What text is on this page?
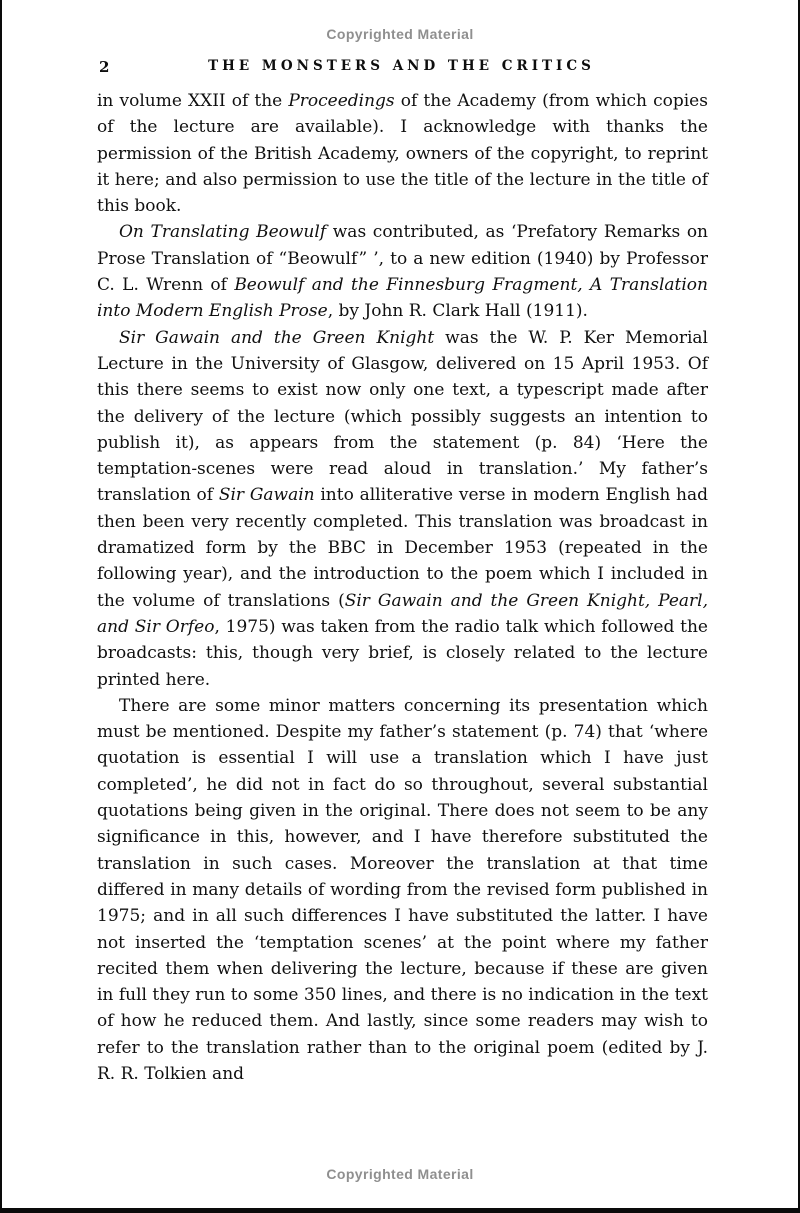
Copyrighted Material
2	THE MONSTERS AND THE CRITICS

in volume XXII of the Proceedings of the Academy (from which copies of the lecture are available). I acknowledge with thanks the permission of the British Academy, owners of the copyright, to reprint it here; and also permission to use the title of the lecture in the title of this book.

On Translating Beowulf was contributed, as ‘Prefatory Remarks on Prose Translation of “Beowulf” ’, to a new edition (1940) by Professor C. L. Wrenn of Beowulf and the Finnesburg Fragment, A Translation into Modern English Prose, by John R. Clark Hall (1911).

Sir Gawain and the Green Knight was the W. P. Ker Memorial Lecture in the University of Glasgow, delivered on 15 April 1953. Of this there seems to exist now only one text, a typescript made after the delivery of the lecture (which possibly suggests an intention to publish it), as appears from the statement (p. 84) ‘Here the temptation-scenes were read aloud in translation.’ My father’s translation of Sir Gawain into alliterative verse in modern English had then been very recently completed. This translation was broadcast in dramatized form by the BBC in December 1953 (repeated in the following year), and the introduction to the poem which I included in the volume of translations (Sir Gawain and the Green Knight, Pearl, and Sir Orfeo, 1975) was taken from the radio talk which followed the broadcasts: this, though very brief, is closely related to the lecture printed here.

There are some minor matters concerning its presentation which must be mentioned. Despite my father’s statement (p. 74) that ‘where quotation is essential I will use a translation which I have just completed’, he did not in fact do so throughout, several substantial quotations being given in the original. There does not seem to be any significance in this, however, and I have therefore substituted the translation in such cases. Moreover the translation at that time differed in many details of wording from the revised form published in 1975; and in all such differences I have substituted the latter. I have not inserted the ‘temptation scenes’ at the point where my father recited them when delivering the lecture, because if these are given in full they run to some 350 lines, and there is no indication in the text of how he reduced them. And lastly, since some readers may wish to refer to the translation rather than to the original poem (edited by J. R. R. Tolkien and

Copyrighted Material
